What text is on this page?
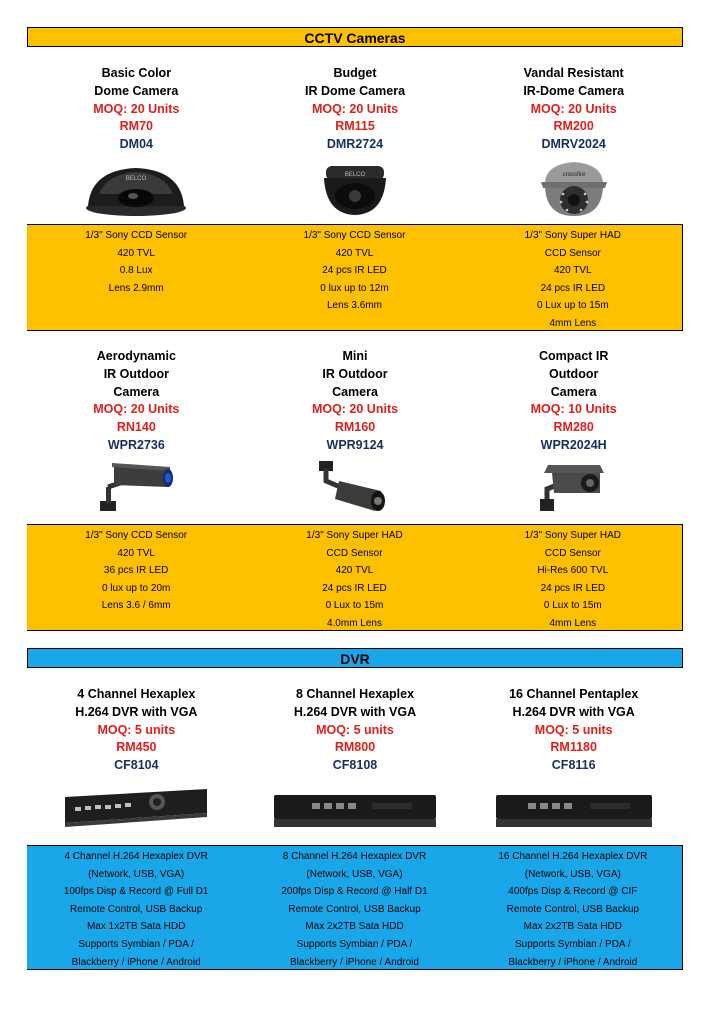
CCTV Cameras
Basic Color
Dome Camera
MOQ: 20 Units
RM70
DM04
BELCO
Budget
IR Dome Camera
MOQ: 20 Units
RM115
DMR2724
BELCO
Vandal Resistant
IR-Dome Camera
MOQ: 20 Units
RM200
DMRV2024
crossfire
1/3" Sony CCD Sensor
420 TVL
0.8 Lux
Lens 2.9mm
1/3" Sony CCD Sensor
420 TVL
24 pcs IR LED
0 lux up to 12m
Lens 3.6mm
1/3" Sony Super HAD
CCD Sensor
420 TVL
24 pcs IR LED
0 Lux up to 15m
4mm Lens
Aerodynamic
IR Outdoor
Camera
MOQ: 20 Units
RN140
WPR2736
Mini
IR Outdoor
Camera
MOQ: 20 Units
RM160
WPR9124
Compact IR
Outdoor
Camera
MOQ: 10 Units
RM280
WPR2024H
1/3" Sony CCD Sensor
420 TVL
36 pcs IR LED
0 lux up to 20m
Lens 3.6 / 6mm
1/3" Sony Super HAD
CCD Sensor
420 TVL
24 pcs IR LED
0 Lux to 15m
4.0mm Lens
1/3" Sony Super HAD
CCD Sensor
Hi-Res 600 TVL
24 pcs IR LED
0 Lux to 15m
4mm Lens
DVR
4 Channel Hexaplex
H.264 DVR with VGA
MOQ: 5 units
RM450
CF8104
8 Channel Hexaplex
H.264 DVR with VGA
MOQ: 5 units
RM800
CF8108
16 Channel Pentaplex
H.264 DVR with VGA
MOQ: 5 units
RM1180
CF8116
4 Channel H.264 Hexaplex DVR
(Network, USB, VGA)
100fps Disp & Record @ Full D1
Remote Control, USB Backup
Max 1x2TB Sata HDD
Supports Symbian / PDA /
Blackberry / iPhone / Android
8 Channel H.264 Hexaplex DVR
(Network, USB, VGA)
200fps Disp & Record @ Half D1
Remote Control, USB Backup
Max 2x2TB Sata HDD
Supports Symbian / PDA /
Blackberry / iPhone / Android
16 Channel H.264 Hexaplex DVR
(Network, USB, VGA)
400fps Disp & Record @ CIF
Remote Control, USB Backup
Max 2x2TB Sata HDD
Supports Symbian / PDA /
Blackberry / iPhone / Android
